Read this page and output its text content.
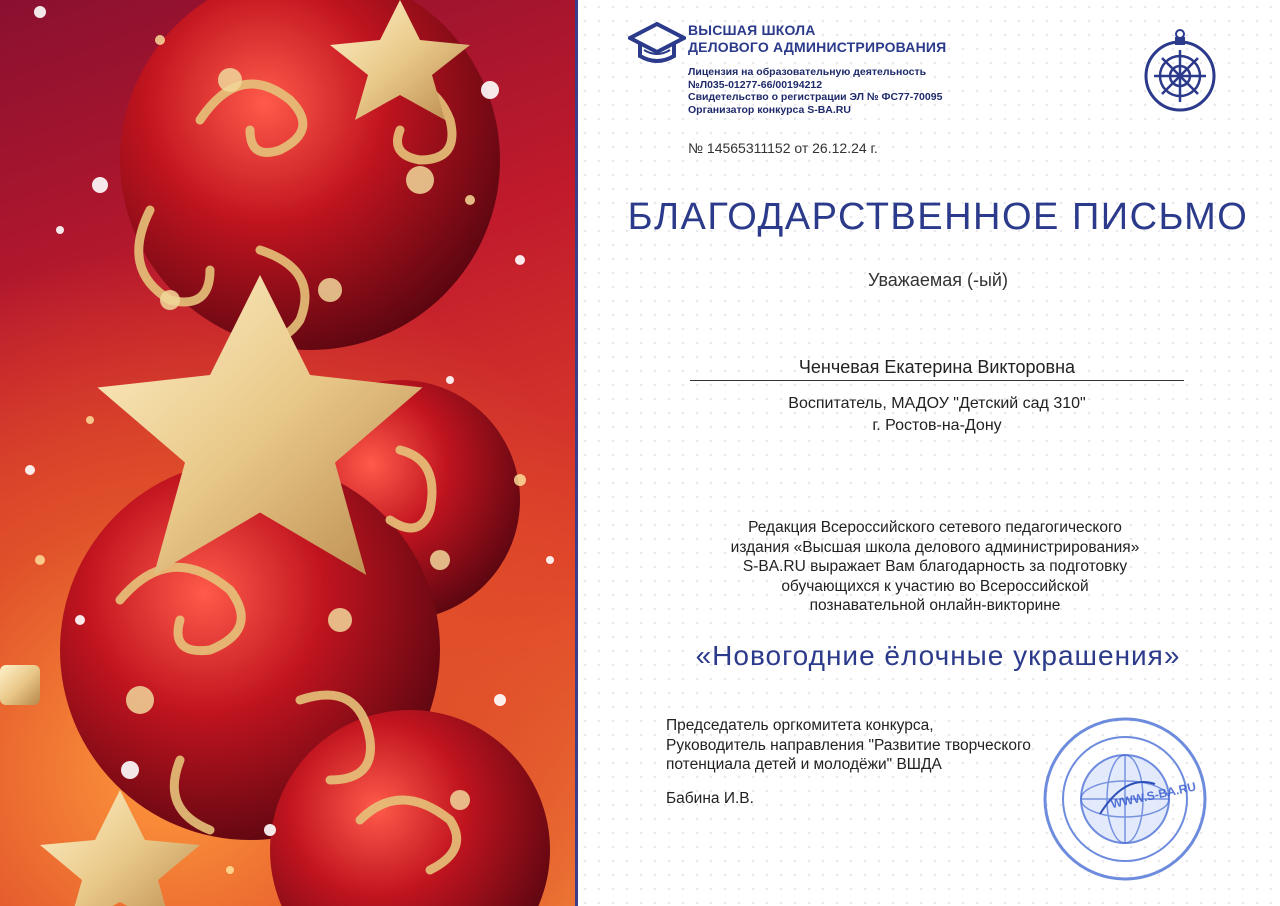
ВЫСШАЯ ШКОЛА
ДЕЛОВОГО АДМИНИСТРИРОВАНИЯ
Лицензия на образовательную деятельность
№Л035-01277-66/00194212
Свидетельство о регистрации ЭЛ № ФС77-70095
Организатор конкурса S-BA.RU
№ 14565311152 от 26.12.24 г.
БЛАГОДАРСТВЕННОЕ ПИСЬМО
Уважаемая (-ый)
Ченчевая Екатерина Викторовна
Воспитатель, МАДОУ "Детский сад 310"
г. Ростов-на-Дону
Редакция Всероссийского сетевого педагогического
издания «Высшая школа делового администрирования»
S-BA.RU выражает Вам благодарность за подготовку
обучающихся к участию во Всероссийской
познавательной онлайн-викторине
«Новогодние ёлочные украшения»
WWW.S-BA.RU
Председатель оргкомитета конкурса,
Руководитель направления "Развитие творческого
потенциала детей и молодёжи" ВШДА
Бабина И.В.
